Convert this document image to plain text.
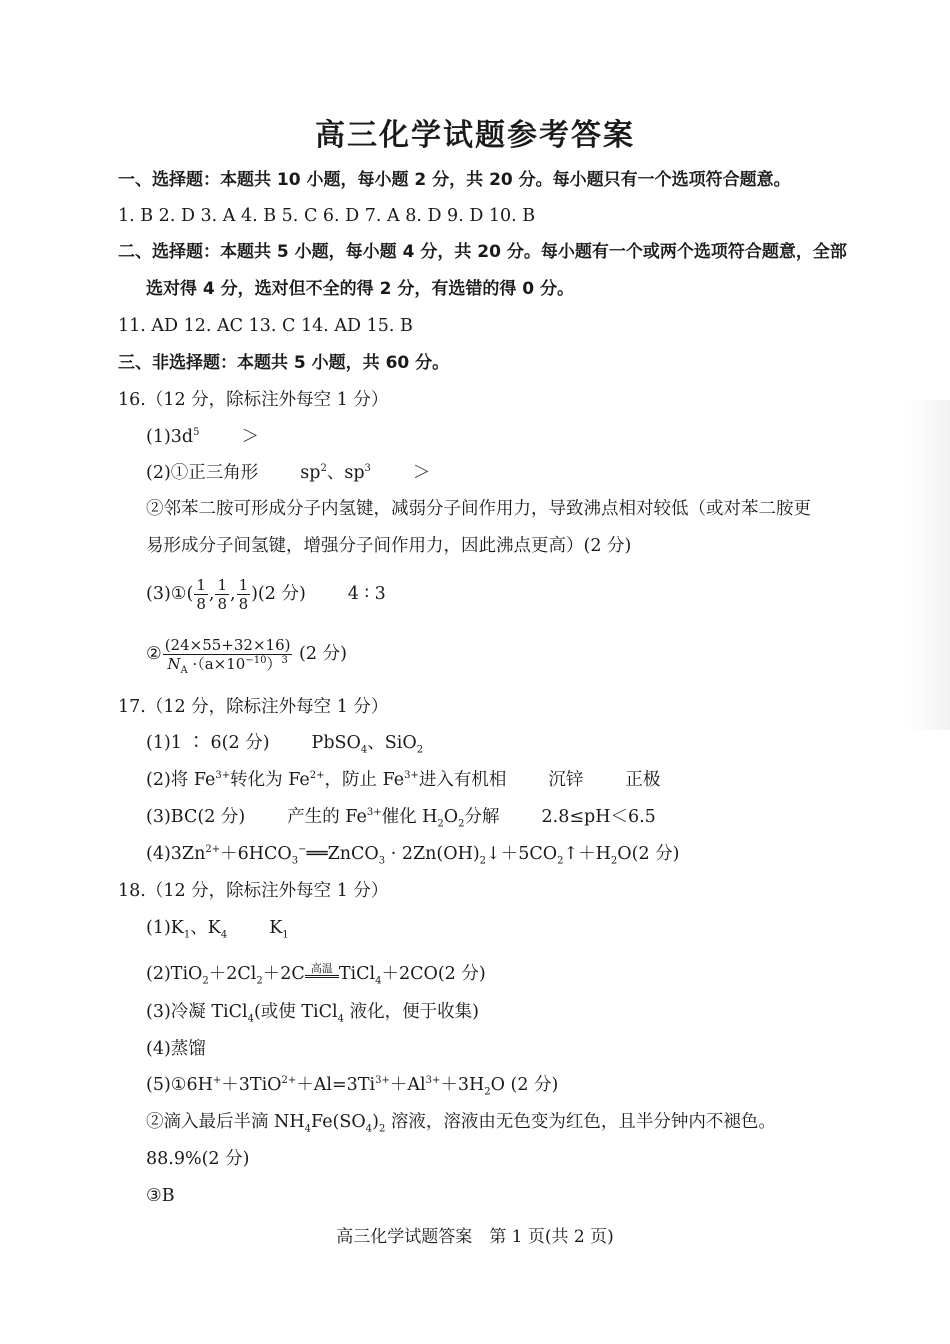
高三化学试题参考答案
一、选择题：本题共 10 小题，每小题 2 分，共 20 分。每小题只有一个选项符合题意。
1. B 2. D 3. A 4. B 5. C 6. D 7. A 8. D 9. D 10. B
二、选择题：本题共 5 小题，每小题 4 分，共 20 分。每小题有一个或两个选项符合题意，全部
选对得 4 分，选对但不全的得 2 分，有选错的得 0 分。
11. AD 12. AC 13. C 14. AD 15. B
三、非选择题：本题共 5 小题，共 60 分。
16.（12 分，除标注外每空 1 分）
$(1)3d^5$ ＞
(2)①正三角形 $sp^2$、$sp^3$ ＞
②邻苯二胺可形成分子内氢键，减弱分子间作用力，导致沸点相对较低（或对苯二胺更
易形成分子间氢键，增强分子间作用力，因此沸点更高）(2 分)
(3)①( $\frac{1}{8}$ , $\frac{1}{8}$ , $\frac{1}{8} )(2$ 分) 4 ∶ 3
② $\frac{(24\times 55+32\times 16)}{N_A \cdot(a\times 10^{-10})^3} (2$ 分)
17.（12 分，除标注外每空 1 分）
(1)1 ∶ 6(2 分) PbSO$_4$、SiO$_2$
(2)将 $Fe^{3+}$转化为 $Fe^{2+}$，防止 $Fe^{3+}$进入有机相 沉锌 正极
(3)BC(2 分) 产生的 $Fe^{3+}$催化 $H_2O_2$分解 2.8≤pH＜6.5
$(4)3Zn^{2+}+6HCO_3^-══ZnCO_3$ · $2Zn(OH)_2↓+5CO_2↑+H_2O(2$ 分)
18.（12 分，除标注外每空 1 分）
$(1)K_1$、$K_4$ $K_1$
$(2)TiO_2+2Cl_2+2C$ 高温 TiCl$_4$＋2CO(2 分)
(3)冷凝 TiCl$_4$(或使 TiCl$_4$ 液化，便于收集)
(4)蒸馏
$(5)①6H^++3TiO^{2+}+Al=3Ti^{3+}+Al^{3+}+3H_2O$ (2 分)
②滴入最后半滴 $NH_4Fe(SO_4)_2$ 溶液，溶液由无色变为红色，且半分钟内不褪色。
88.9%(2 分)
③B
高三化学试题答案　第 1 页(共 2 页)
